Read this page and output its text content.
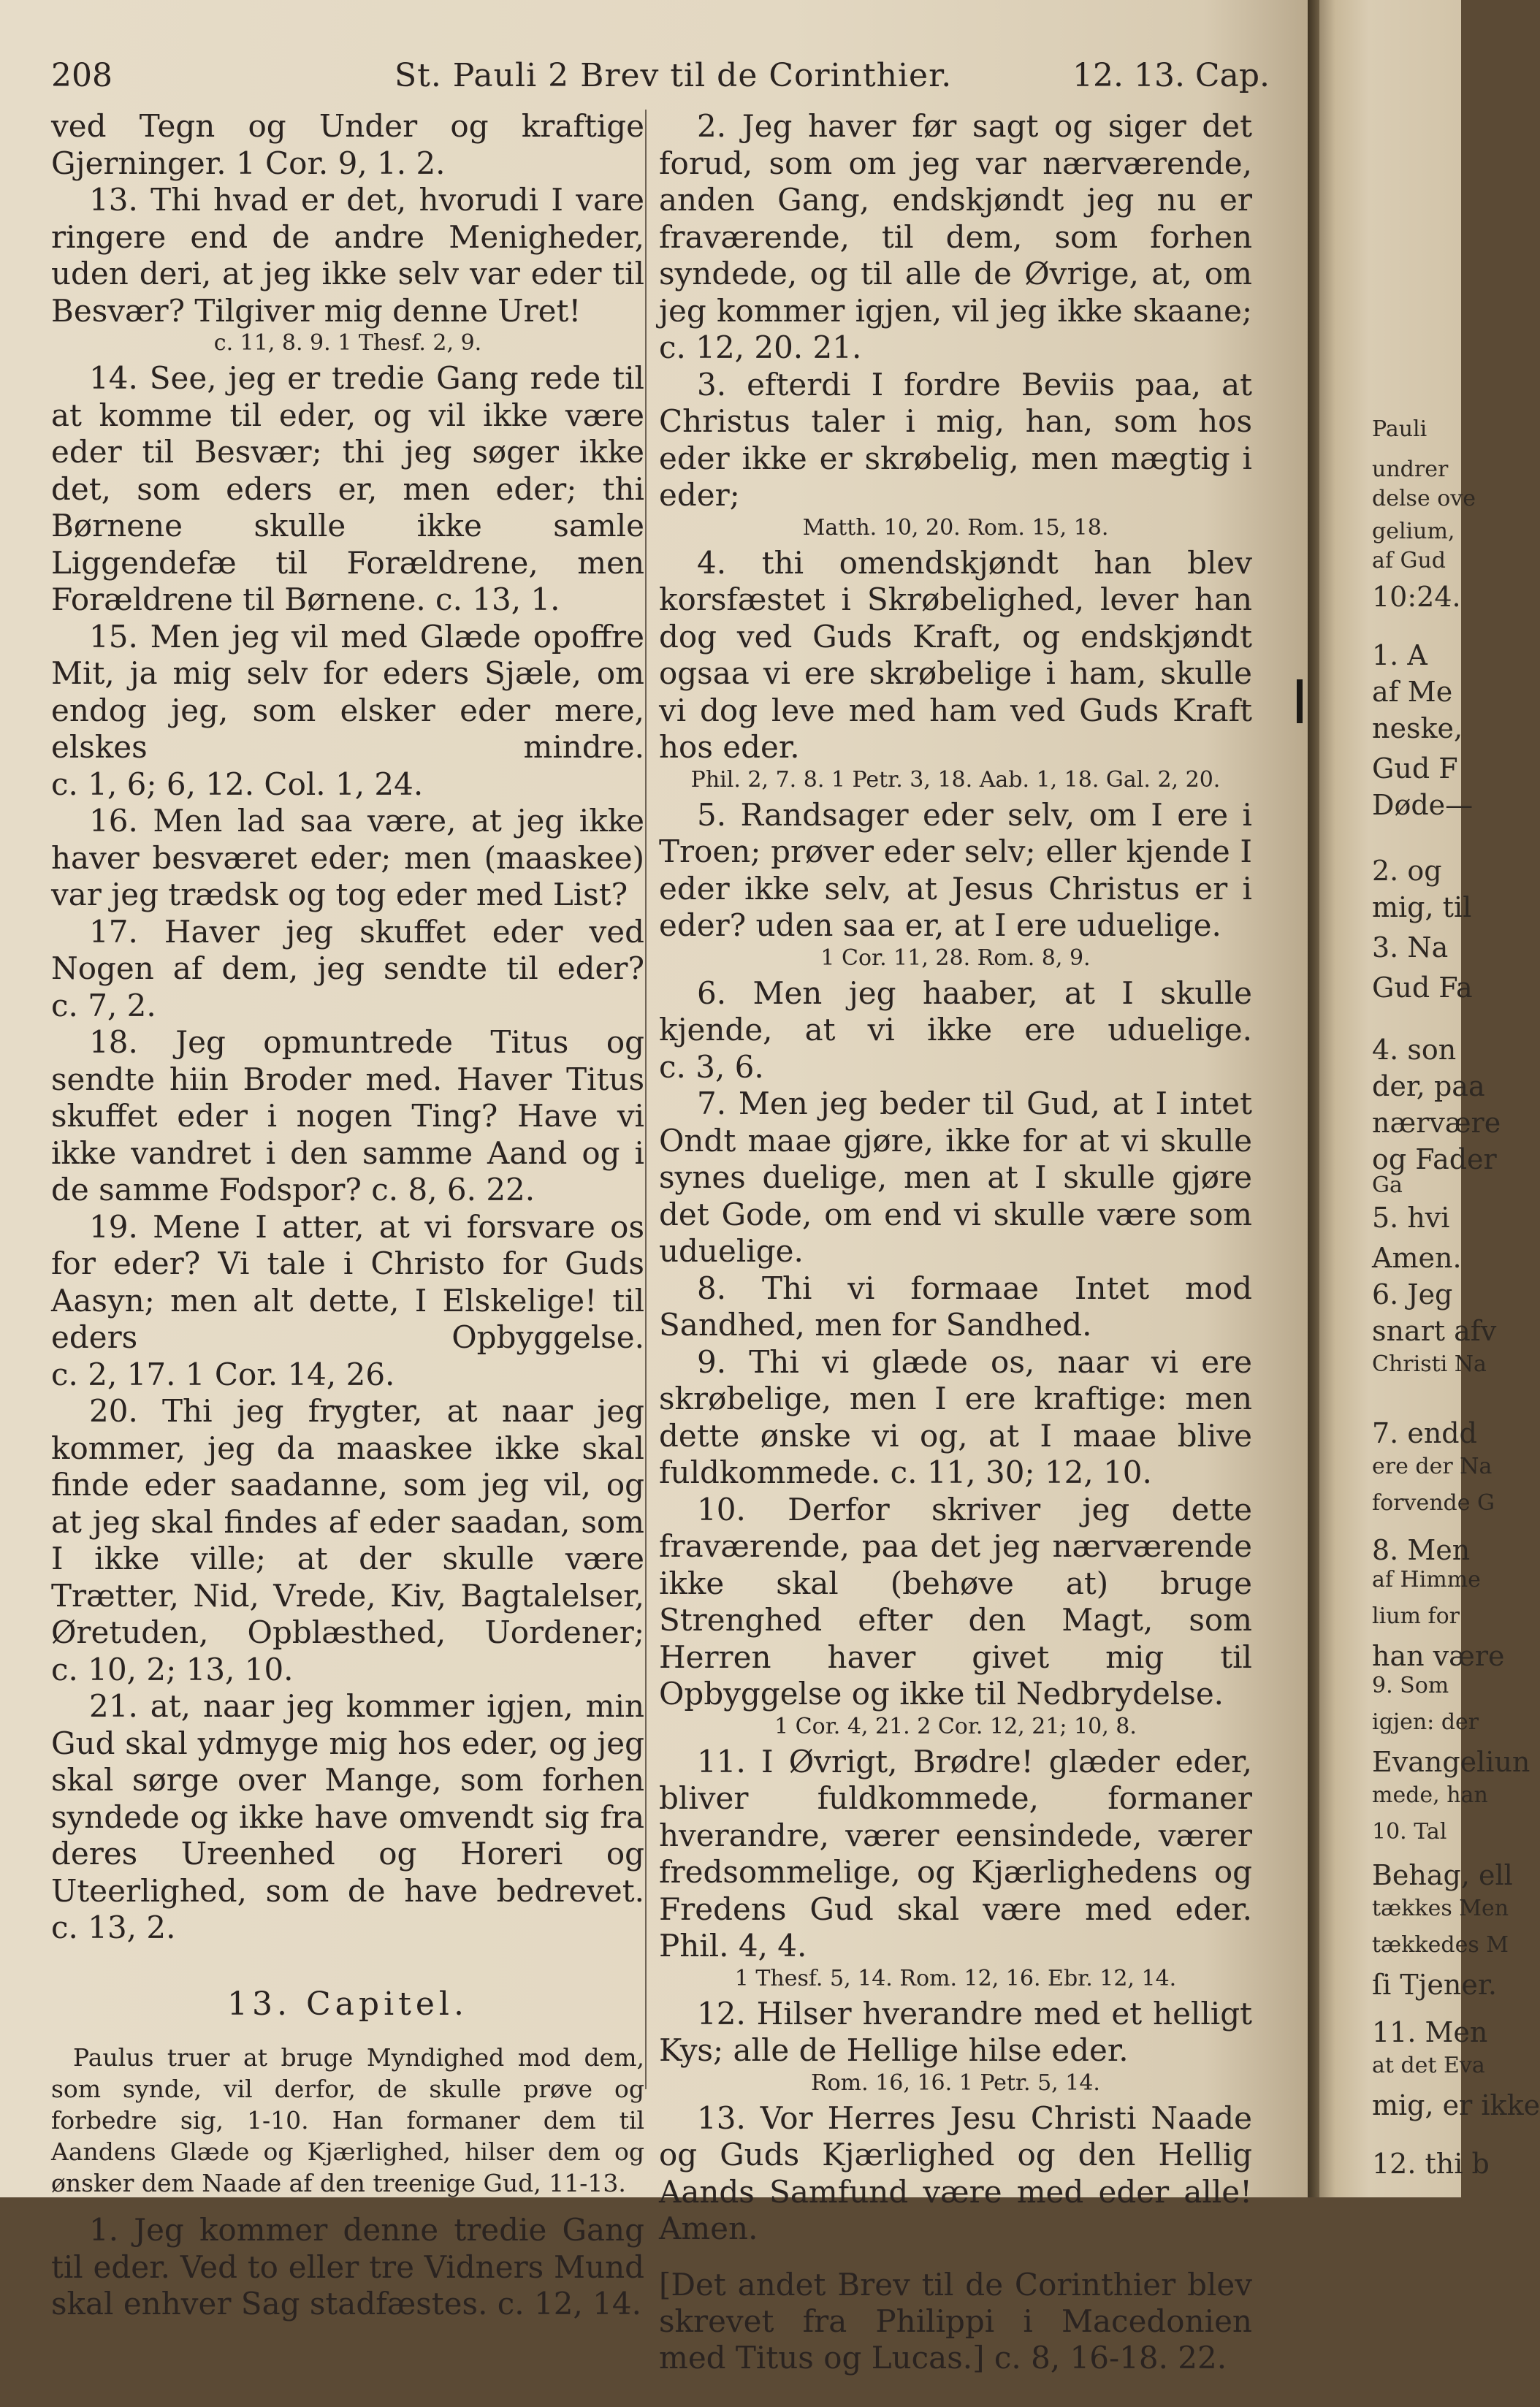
208	St. Pauli 2 Brev til de Corinthier.	12. 13. Cap.

ved Tegn og Under og kraftige Gjerninger. 1 Cor. 9, 1. 2.

13. Thi hvad er det, hvorudi I vare ringere end de andre Menigheder, uden deri, at jeg ikke selv var eder til Besvær? Tilgiver mig denne Uret!

c. 11, 8. 9. 1 Thesf. 2, 9.

14. See, jeg er tredie Gang rede til at komme til eder, og vil ikke være eder til Besvær; thi jeg søger ikke det, som eders er, men eder; thi Børnene skulle ikke samle Liggendefæ til Forældrene, men Forældrene til Børnene. c. 13, 1.

15. Men jeg vil med Glæde opoffre Mit, ja mig selv for eders Sjæle, om endog jeg, som elsker eder mere, elskes mindre. c. 1, 6; 6, 12. Col. 1, 24.

16. Men lad saa være, at jeg ikke haver besværet eder; men (maaskee) var jeg trædsk og tog eder med List?

17. Haver jeg skuffet eder ved Nogen af dem, jeg sendte til eder? c. 7, 2.

18. Jeg opmuntrede Titus og sendte hiin Broder med. Haver Titus skuffet eder i nogen Ting? Have vi ikke vandret i den samme Aand og i de samme Fodspor? c. 8, 6. 22.

19. Mene I atter, at vi forsvare os for eder? Vi tale i Christo for Guds Aasyn; men alt dette, I Elskelige! til eders Opbyggelse. c. 2, 17. 1 Cor. 14, 26.

20. Thi jeg frygter, at naar jeg kommer, jeg da maaskee ikke skal finde eder saadanne, som jeg vil, og at jeg skal findes af eder saadan, som I ikke ville; at der skulle være Trætter, Nid, Vrede, Kiv, Bagtalelser, Øretuden, Opblæsthed, Uordener; c. 10, 2; 13, 10.

21. at, naar jeg kommer igjen, min Gud skal ydmyge mig hos eder, og jeg skal sørge over Mange, som forhen syndede og ikke have omvendt sig fra deres Ureenhed og Horeri og Uteerlighed, som de have bedrevet. c. 13, 2.

13. Capitel.

Paulus truer at bruge Myndighed mod dem, som synde, vil derfor, de skulle prøve og forbedre sig, 1-10. Han formaner dem til Aandens Glæde og Kjærlighed, hilser dem og ønsker dem Naade af den treenige Gud, 11-13.

1. Jeg kommer denne tredie Gang til eder. Ved to eller tre Vidners Mund skal enhver Sag stadfæstes. c. 12, 14.

2. Jeg haver før sagt og siger det forud, som om jeg var nærværende, anden Gang, endskjøndt jeg nu er fraværende, til dem, som forhen syndede, og til alle de Øvrige, at, om jeg kommer igjen, vil jeg ikke skaane; c. 12, 20. 21.

3. efterdi I fordre Beviis paa, at Christus taler i mig, han, som hos eder ikke er skrøbelig, men mægtig i eder;

Matth. 10, 20. Rom. 15, 18.

4. thi omendskjøndt han blev korsfæstet i Skrøbelighed, lever han dog ved Guds Kraft, og endskjøndt ogsaa vi ere skrøbelige i ham, skulle vi dog leve med ham ved Guds Kraft hos eder.

Phil. 2, 7. 8. 1 Petr. 3, 18. Aab. 1, 18. Gal. 2, 20.

5. Randsager eder selv, om I ere i Troen; prøver eder selv; eller kjende I eder ikke selv, at Jesus Christus er i eder? uden saa er, at I ere uduelige.

1 Cor. 11, 28. Rom. 8, 9.

6. Men jeg haaber, at I skulle kjende, at vi ikke ere uduelige. c. 3, 6.

7. Men jeg beder til Gud, at I intet Ondt maae gjøre, ikke for at vi skulle synes duelige, men at I skulle gjøre det Gode, om end vi skulle være som uduelige.

8. Thi vi formaae Intet mod Sandhed, men for Sandhed.

9. Thi vi glæde os, naar vi ere skrøbelige, men I ere kraftige: men dette ønske vi og, at I maae blive fuldkommede. c. 11, 30; 12, 10.

10. Derfor skriver jeg dette fraværende, paa det jeg nærværende ikke skal (behøve at) bruge Strenghed efter den Magt, som Herren haver givet mig til Opbyggelse og ikke til Nedbrydelse.

1 Cor. 4, 21. 2 Cor. 12, 21; 10, 8.

11. I Øvrigt, Brødre! glæder eder, bliver fuldkommede, formaner hverandre, værer eensindede, værer fredsommelige, og Kjærlighedens og Fredens Gud skal være med eder. Phil. 4, 4.

1 Thesf. 5, 14. Rom. 12, 16. Ebr. 12, 14.

12. Hilser hverandre med et helligt Kys; alle de Hellige hilse eder.

Rom. 16, 16. 1 Petr. 5, 14.

13. Vor Herres Jesu Christi Naade og Guds Kjærlighed og den Hellig Aands Samfund være med eder alle! Amen.

[Det andet Brev til de Corinthier blev skrevet fra Philippi i Macedonien med Titus og Lucas.] c. 8, 16-18. 22.

Pauli
undrer
delse ove
gelium,
af Gud
10:24.
1. A
af Me
neske,
Gud F
Døde—
2. og
mig, til
3. Na
Gud Fa
4. son
der, paa
nærvære
og Fader
Ga
5. hvi
Amen.
6. Jeg
snart afv
Christi Na
7. endd
ere der Na
forvende G
8. Men
af Himme
lium for
han være
9. Som
igjen: der
Evangeliun
mede, han
10. Tal
Behag, ell
tækkes Men
tækkedes M
ſi Tjener.
11. Men
at det Eva
mig, er ikke
12. thi b
